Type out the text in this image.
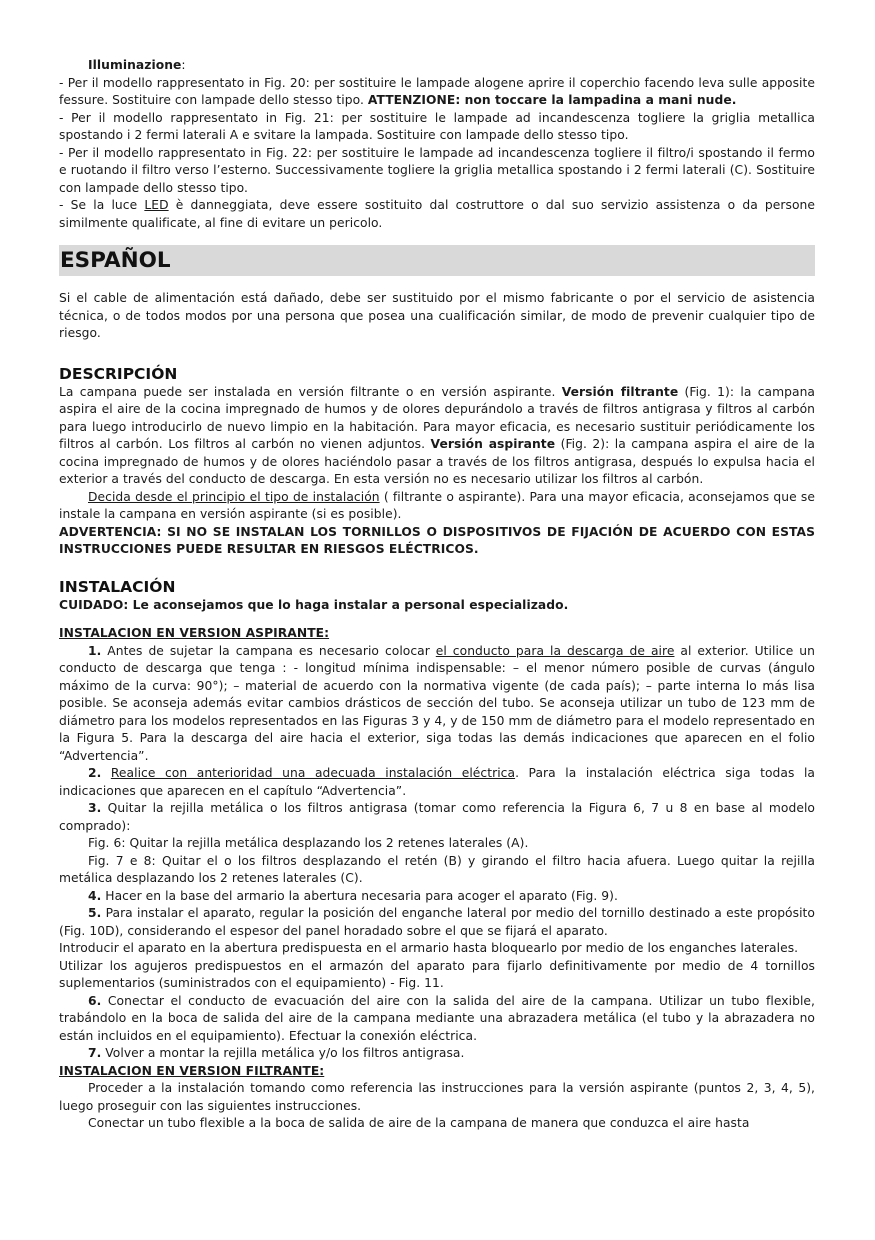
Illuminazione:

- Per il modello rappresentato in Fig. 20: per sostituire le lampade alogene aprire il coperchio facendo leva sulle apposite fessure. Sostituire con lampade dello stesso tipo. ATTENZIONE: non toccare la lampadina a mani nude.

- Per il modello rappresentato in Fig. 21: per sostituire le lampade ad incandescenza togliere la griglia metallica spostando i 2 fermi laterali A e svitare la lampada. Sostituire con lampade dello stesso tipo.

- Per il modello rappresentato in Fig. 22: per sostituire le lampade ad incandescenza togliere il filtro/i spostando il fermo e ruotando il filtro verso l’esterno. Successivamente togliere la griglia metallica spostando i 2 fermi laterali (C). Sostituire con lampade dello stesso tipo.

- Se la luce LED è danneggiata, deve essere sostituito dal costruttore o dal suo servizio assistenza o da persone similmente qualificate, al fine di evitare un pericolo.

ESPAÑOL

Si el cable de alimentación está dañado, debe ser sustituido por el mismo fabricante o por el servicio de asistencia técnica, o de todos modos por una persona que posea una cualificación similar, de modo de prevenir cualquier tipo de riesgo.

DESCRIPCIÓN

La campana puede ser instalada en versión filtrante o en versión aspirante. Versión filtrante (Fig. 1): la campana aspira el aire de la cocina impregnado de humos y de olores depurándolo a través de filtros antigrasa y filtros al carbón para luego introducirlo de nuevo limpio en la habitación. Para mayor eficacia, es necesario sustituir periódicamente los filtros al carbón. Los filtros al carbón no vienen adjuntos. Versión aspirante (Fig. 2): la campana aspira el aire de la cocina impregnado de humos y de olores haciéndolo pasar a través de los filtros antigrasa, después lo expulsa hacia el exterior a través del conducto de descarga. En esta versión no es necesario utilizar los filtros al carbón.

Decida desde el principio el tipo de instalación ( filtrante o aspirante). Para una mayor eficacia, aconsejamos que se instale la campana en versión aspirante (si es posible).

ADVERTENCIA: SI NO SE INSTALAN LOS TORNILLOS O DISPOSITIVOS DE FIJACIÓN DE ACUERDO CON ESTAS INSTRUCCIONES PUEDE RESULTAR EN RIESGOS ELÉCTRICOS.

INSTALACIÓN

CUIDADO: Le aconsejamos que lo haga instalar a personal especializado.

INSTALACION EN VERSION ASPIRANTE:

1. Antes de sujetar la campana es necesario colocar el conducto para la descarga de aire al exterior. Utilice un conducto de descarga que tenga : - longitud mínima indispensable: – el menor número posible de curvas (ángulo máximo de la curva: 90°); – material de acuerdo con la normativa vigente (de cada país); – parte interna lo más lisa posible. Se aconseja además evitar cambios drásticos de sección del tubo. Se aconseja utilizar un tubo de 123 mm de diámetro para los modelos representados en las Figuras 3 y 4, y de 150 mm de diámetro para el modelo representado en la Figura 5. Para la descarga del aire hacia el exterior, siga todas las demás indicaciones que aparecen en el folio “Advertencia”.

2. Realice con anterioridad una adecuada instalación eléctrica. Para la instalación eléctrica siga todas la indicaciones que aparecen en el capítulo “Advertencia”.

3. Quitar la rejilla metálica o los filtros antigrasa (tomar como referencia la Figura 6, 7 u 8 en base al modelo comprado):

Fig. 6: Quitar la rejilla metálica desplazando los 2 retenes laterales (A).

Fig. 7 e 8: Quitar el o los filtros desplazando el retén (B) y girando el filtro hacia afuera. Luego quitar la rejilla metálica desplazando los 2 retenes laterales (C).

4. Hacer en la base del armario la abertura necesaria para acoger el aparato (Fig. 9).

5. Para instalar el aparato, regular la posición del enganche lateral por medio del tornillo destinado a este propósito (Fig. 10D), considerando el espesor del panel horadado sobre el que se fijará el aparato.

Introducir el aparato en la abertura predispuesta en el armario hasta bloquearlo por medio de los enganches laterales.

Utilizar los agujeros predispuestos en el armazón del aparato para fijarlo definitivamente por medio de 4 tornillos suplementarios (suministrados con el equipamiento) - Fig. 11.

6. Conectar el conducto de evacuación del aire con la salida del aire de la campana. Utilizar un tubo flexible, trabándolo en la boca de salida del aire de la campana mediante una abrazadera metálica (el tubo y la abrazadera no están incluidos en el equipamiento). Efectuar la conexión eléctrica.

7. Volver a montar la rejilla metálica y/o los filtros antigrasa.

INSTALACION EN VERSION FILTRANTE:

Proceder a la instalación tomando como referencia las instrucciones para la versión aspirante (puntos 2, 3, 4, 5), luego proseguir con las siguientes instrucciones.

Conectar un tubo flexible a la boca de salida de aire de la campana de manera que conduzca el aire hasta
